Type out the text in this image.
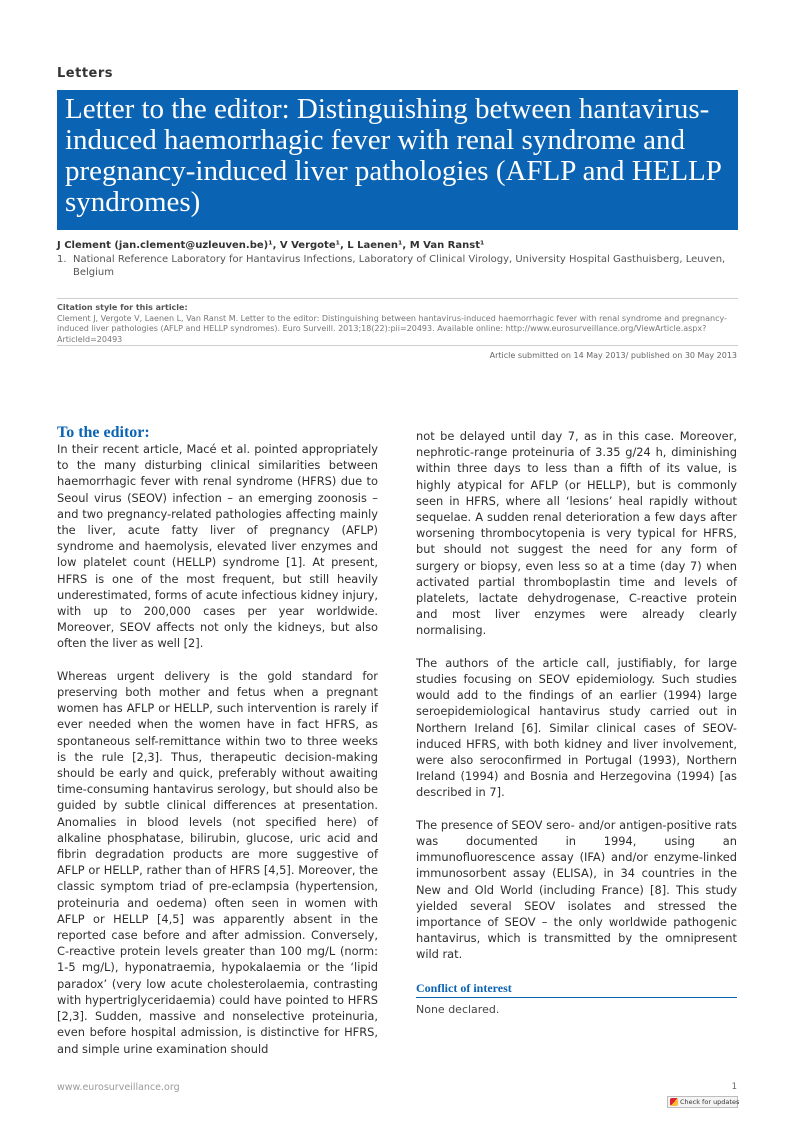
Letters
Letter to the editor: Distinguishing between hantavirus-induced haemorrhagic fever with renal syndrome and pregnancy-induced liver pathologies (AFLP and HELLP syndromes)
J Clement (jan.clement@uzleuven.be)¹, V Vergote¹, L Laenen¹, M Van Ranst¹
1. National Reference Laboratory for Hantavirus Infections, Laboratory of Clinical Virology, University Hospital Gasthuisberg, Leuven, Belgium
Citation style for this article:
Clement J, Vergote V, Laenen L, Van Ranst M. Letter to the editor: Distinguishing between hantavirus-induced haemorrhagic fever with renal syndrome and pregnancy-induced liver pathologies (AFLP and HELLP syndromes). Euro Surveill. 2013;18(22):pii=20493. Available online: http://www.eurosurveillance.org/ViewArticle.aspx?ArticleId=20493
Article submitted on 14 May 2013/ published on 30 May 2013
To the editor:

In their recent article, Macé et al. pointed appropriately to the many disturbing clinical similarities between haemorrhagic fever with renal syndrome (HFRS) due to Seoul virus (SEOV) infection – an emerging zoonosis – and two pregnancy-related pathologies affecting mainly the liver, acute fatty liver of pregnancy (AFLP) syndrome and haemolysis, elevated liver enzymes and low platelet count (HELLP) syndrome [1]. At present, HFRS is one of the most frequent, but still heavily underestimated, forms of acute infectious kidney injury, with up to 200,000 cases per year worldwide. Moreover, SEOV affects not only the kidneys, but also often the liver as well [2].

Whereas urgent delivery is the gold standard for preserving both mother and fetus when a pregnant women has AFLP or HELLP, such intervention is rarely if ever needed when the women have in fact HFRS, as spontaneous self-remittance within two to three weeks is the rule [2,3]. Thus, therapeutic decision-making should be early and quick, preferably without awaiting time-consuming hantavirus serology, but should also be guided by subtle clinical differences at presentation. Anomalies in blood levels (not specified here) of alkaline phosphatase, bilirubin, glucose, uric acid and fibrin degradation products are more suggestive of AFLP or HELLP, rather than of HFRS [4,5]. Moreover, the classic symptom triad of pre-eclampsia (hypertension, proteinuria and oedema) often seen in women with AFLP or HELLP [4,5] was apparently absent in the reported case before and after admission. Conversely, C-reactive protein levels greater than 100 mg/L (norm: 1-5 mg/L), hyponatraemia, hypokalaemia or the ‘lipid paradox’ (very low acute cholesterolaemia, contrasting with hypertriglyceridaemia) could have pointed to HFRS [2,3]. Sudden, massive and nonselective proteinuria, even before hospital admission, is distinctive for HFRS, and simple urine examination should

not be delayed until day 7, as in this case. Moreover, nephrotic-range proteinuria of 3.35 g/24 h, diminishing within three days to less than a fifth of its value, is highly atypical for AFLP (or HELLP), but is commonly seen in HFRS, where all ‘lesions’ heal rapidly without sequelae. A sudden renal deterioration a few days after worsening thrombocytopenia is very typical for HFRS, but should not suggest the need for any form of surgery or biopsy, even less so at a time (day 7) when activated partial thromboplastin time and levels of platelets, lactate dehydrogenase, C-reactive protein and most liver enzymes were already clearly normalising.

The authors of the article call, justifiably, for large studies focusing on SEOV epidemiology. Such studies would add to the findings of an earlier (1994) large seroepidemiological hantavirus study carried out in Northern Ireland [6]. Similar clinical cases of SEOV-induced HFRS, with both kidney and liver involvement, were also seroconfirmed in Portugal (1993), Northern Ireland (1994) and Bosnia and Herzegovina (1994) [as described in 7].

The presence of SEOV sero- and/or antigen-positive rats was documented in 1994, using an immunofluorescence assay (IFA) and/or enzyme-linked immunosorbent assay (ELISA), in 34 countries in the New and Old World (including France) [8]. This study yielded several SEOV isolates and stressed the importance of SEOV – the only worldwide pathogenic hantavirus, which is transmitted by the omnipresent wild rat.

Conflict of interest
None declared.
www.eurosurveillance.org	1
Check for updates
